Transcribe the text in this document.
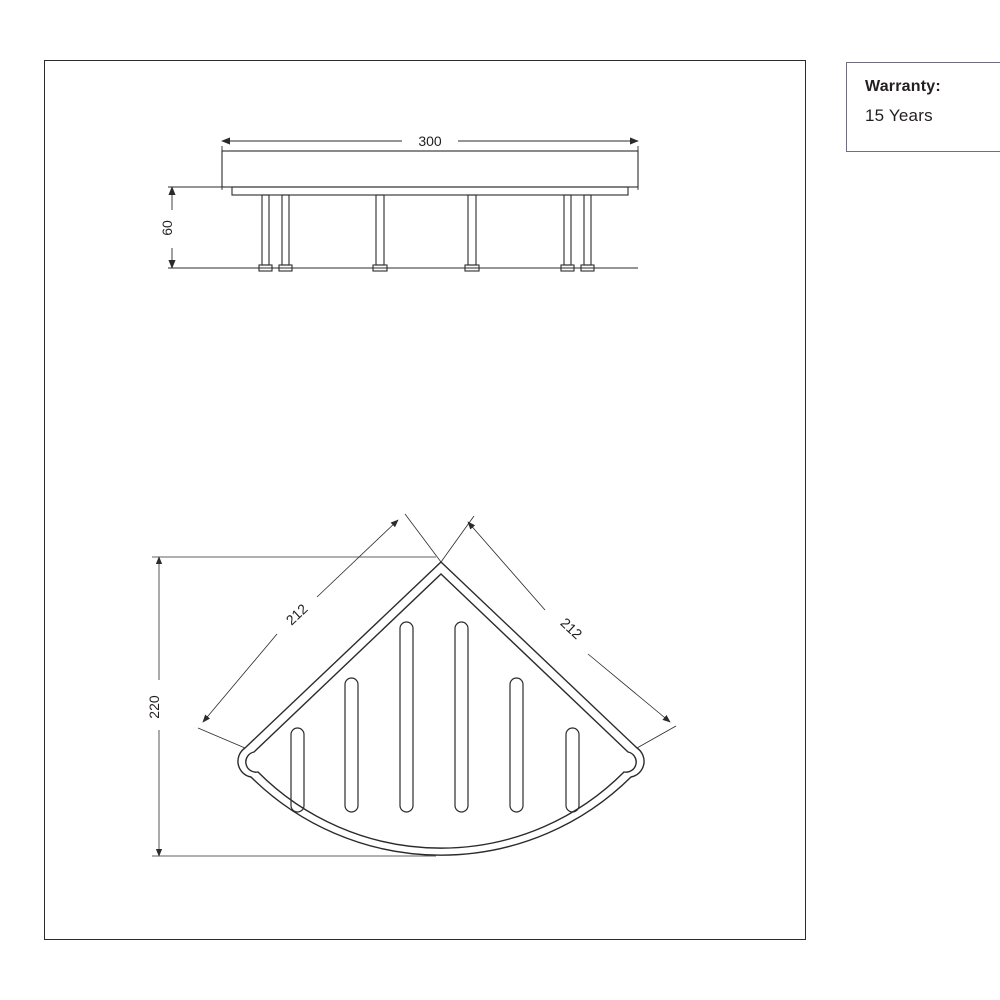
Warranty:
15 Years
300
60
212
212
220
